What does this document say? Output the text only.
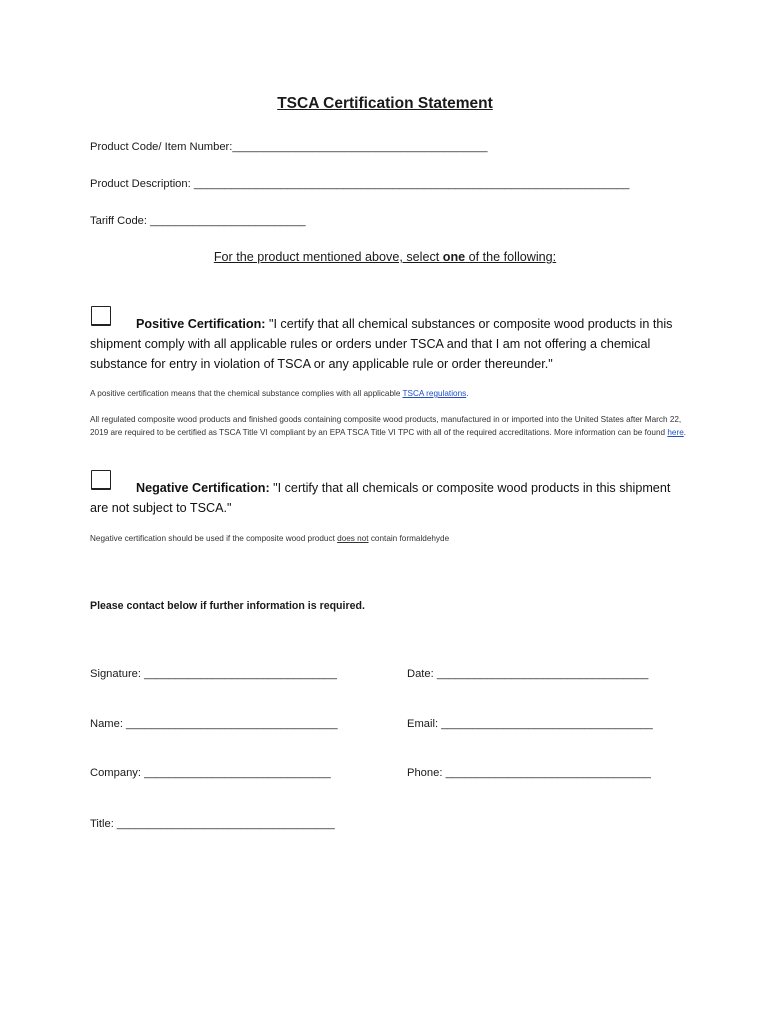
TSCA Certification Statement
Product Code/ Item Number:_________________________________________
Product Description: ______________________________________________________________________
Tariff Code: _________________________
For the product mentioned above, select one of the following:
Positive Certification: "I certify that all chemical substances or composite wood products in this shipment comply with all applicable rules or orders under TSCA and that I am not offering a chemical substance for entry in violation of TSCA or any applicable rule or order thereunder."
A positive certification means that the chemical substance complies with all applicable TSCA regulations.
All regulated composite wood products and finished goods containing composite wood products, manufactured in or imported into the United States after March 22, 2019 are required to be certified as TSCA Title VI compliant by an EPA TSCA Title VI TPC with all of the required accreditations. More information can be found here.
Negative Certification: "I certify that all chemicals or composite wood products in this shipment are not subject to TSCA."
Negative certification should be used if the composite wood product does not contain formaldehyde
Please contact below if further information is required.
Signature: _______________________________	Date: __________________________________
Name: __________________________________	Email: __________________________________
Company: ______________________________	Phone: _________________________________
Title: ___________________________________
